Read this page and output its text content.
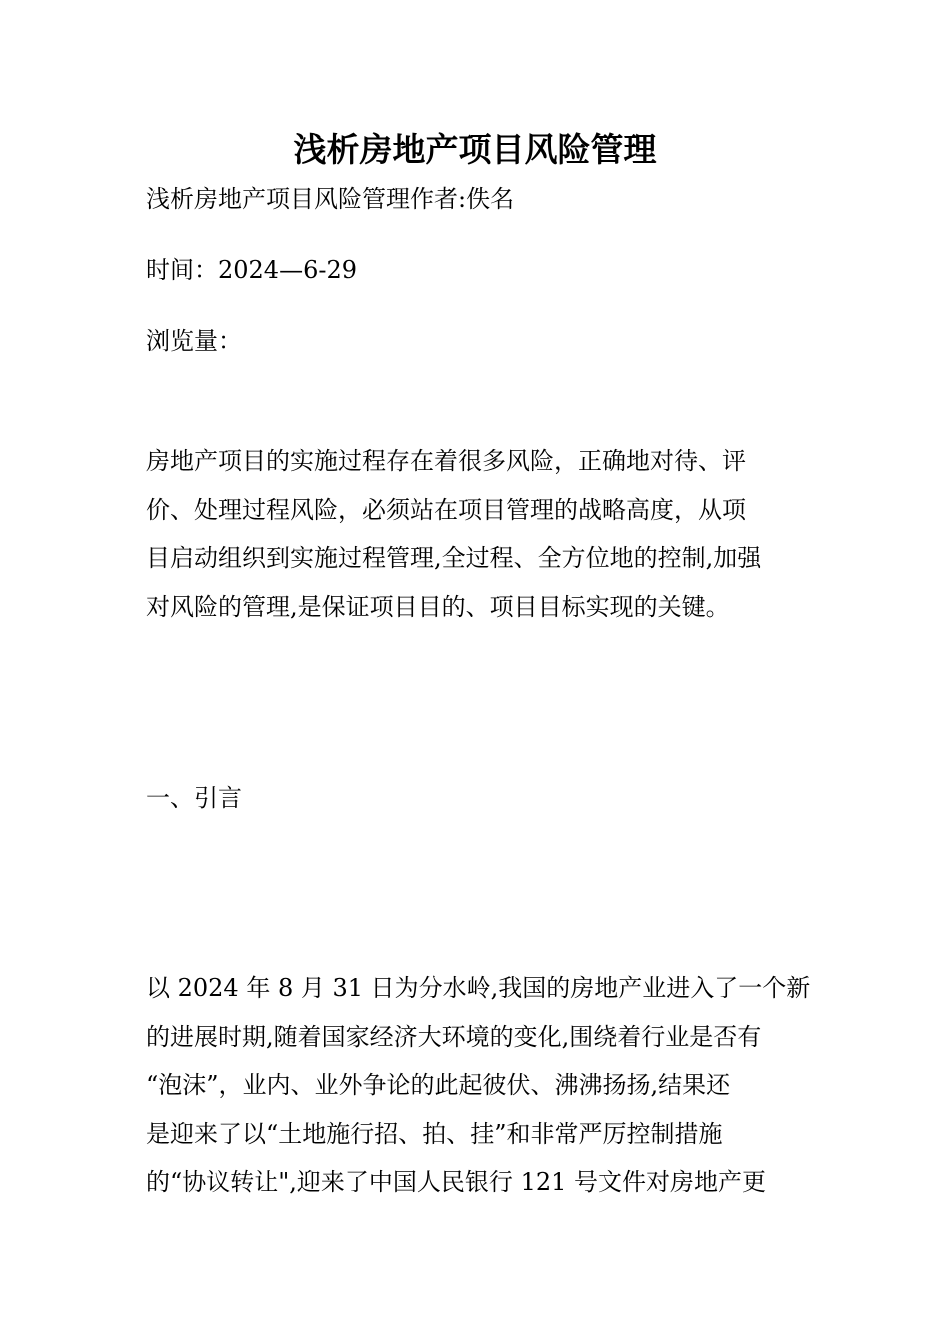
浅析房地产项目风险管理

浅析房地产项目风险管理作者:佚名

时间：2024—6-29

浏览量：

房地产项目的实施过程存在着很多风险，正确地对待、评
价、处理过程风险，必须站在项目管理的战略高度，从项
目启动组织到实施过程管理,全过程、全方位地的控制,加强
对风险的管理,是保证项目目的、项目目标实现的关键。

一、引言

以 2024 年 8 月 31 日为分水岭,我国的房地产业进入了一个新
的进展时期,随着国家经济大环境的变化,围绕着行业是否有
“泡沫”，业内、业外争论的此起彼伏、沸沸扬扬,结果还
是迎来了以“土地施行招、拍、挂”和非常严厉控制措施
的“协议转让",迎来了中国人民银行 121 号文件对房地产更
